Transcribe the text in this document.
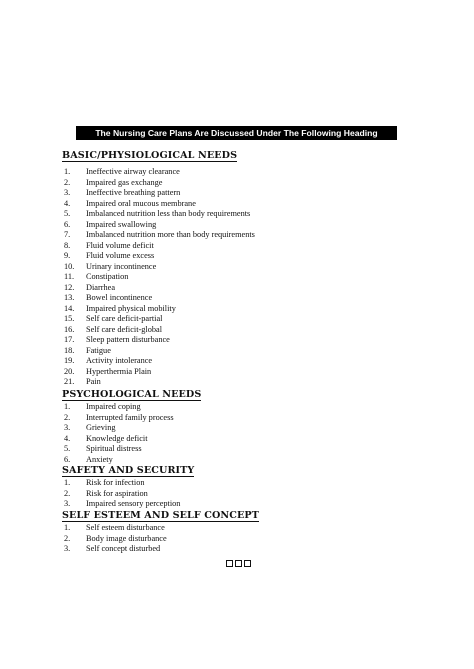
The Nursing Care Plans Are Discussed Under The Following Heading
BASIC/PHYSIOLOGICAL NEEDS
1. Ineffective airway clearance
2. Impaired gas exchange
3. Ineffective breathing pattern
4. Impaired oral mucous membrane
5. Imbalanced nutrition less than body requirements
6. Impaired swallowing
7. Imbalanced nutrition more than body requirements
8. Fluid volume deficit
9. Fluid volume excess
10. Urinary incontinence
11. Constipation
12. Diarrhea
13. Bowel incontinence
14. Impaired physical mobility
15. Self care deficit-partial
16. Self care deficit-global
17. Sleep pattern disturbance
18. Fatigue
19. Activity intolerance
20. Hyperthermia Plain
21. Pain
PSYCHOLOGICAL NEEDS
1. Impaired coping
2. Interrupted family process
3. Grieving
4. Knowledge deficit
5. Spiritual distress
6. Anxiety
SAFETY AND SECURITY
1. Risk for infection
2. Risk for aspiration
3. Impaired sensory perception
SELF ESTEEM AND SELF CONCEPT
1. Self esteem disturbance
2. Body image disturbance
3. Self concept disturbed
